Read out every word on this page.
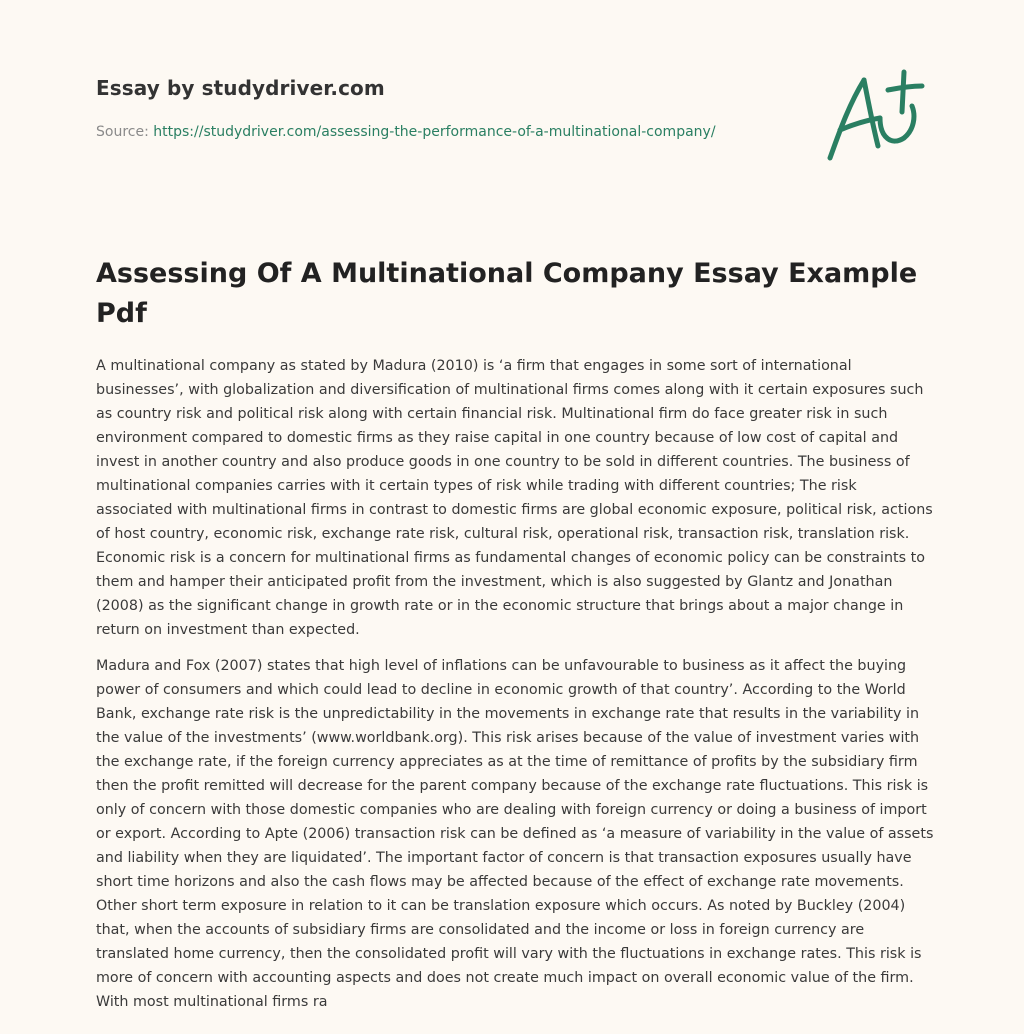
Essay by studydriver.com
Source: https://studydriver.com/assessing-the-performance-of-a-multinational-company/
Assessing Of A Multinational Company Essay Example Pdf

A multinational company as stated by Madura (2010) is ‘a firm that engages in some sort of international businesses’, with globalization and diversification of multinational firms comes along with it certain exposures such as country risk and political risk along with certain financial risk. Multinational firm do face greater risk in such environment compared to domestic firms as they raise capital in one country because of low cost of capital and invest in another country and also produce goods in one country to be sold in different countries. The business of multinational companies carries with it certain types of risk while trading with different countries; The risk associated with multinational firms in contrast to domestic firms are global economic exposure, political risk, actions of host country, economic risk, exchange rate risk, cultural risk, operational risk, transaction risk, translation risk. Economic risk is a concern for multinational firms as fundamental changes of economic policy can be constraints to them and hamper their anticipated profit from the investment, which is also suggested by Glantz and Jonathan (2008) as the significant change in growth rate or in the economic structure that brings about a major change in return on investment than expected.

Madura and Fox (2007) states that high level of inflations can be unfavourable to business as it affect the buying power of consumers and which could lead to decline in economic growth of that country’. According to the World Bank, exchange rate risk is the unpredictability in the movements in exchange rate that results in the variability in the value of the investments’ (www.worldbank.org). This risk arises because of the value of investment varies with the exchange rate, if the foreign currency appreciates as at the time of remittance of profits by the subsidiary firm then the profit remitted will decrease for the parent company because of the exchange rate fluctuations. This risk is only of concern with those domestic companies who are dealing with foreign currency or doing a business of import or export. According to Apte (2006) transaction risk can be defined as ‘a measure of variability in the value of assets and liability when they are liquidated’. The important factor of concern is that transaction exposures usually have short time horizons and also the cash flows may be affected because of the effect of exchange rate movements. Other short term exposure in relation to it can be translation exposure which occurs. As noted by Buckley (2004) that, when the accounts of subsidiary firms are consolidated and the income or loss in foreign currency are translated home currency, then the consolidated profit will vary with the fluctuations in exchange rates. This risk is more of concern with accounting aspects and does not create much impact on overall economic value of the firm. With most multinational firms ra
